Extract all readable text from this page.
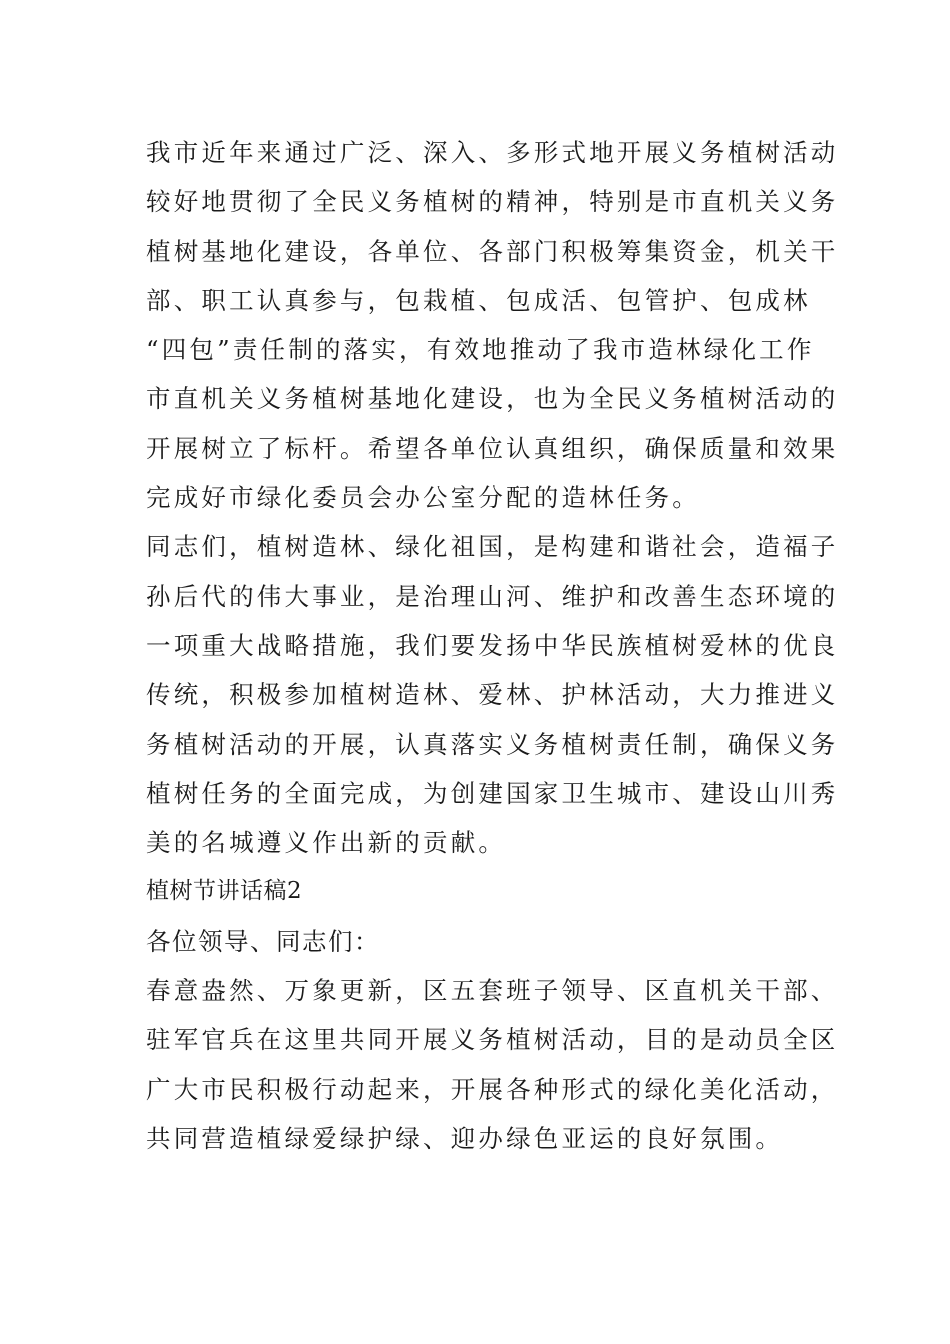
我市近年来通过广泛、深入、多形式地开展义务植树活动
较好地贯彻了全民义务植树的精神，特别是市直机关义务
植树基地化建设，各单位、各部门积极筹集资金，机关干
部、职工认真参与，包栽植、包成活、包管护、包成林
“四包”责任制的落实，有效地推动了我市造林绿化工作
市直机关义务植树基地化建设，也为全民义务植树活动的
开展树立了标杆。希望各单位认真组织，确保质量和效果
完成好市绿化委员会办公室分配的造林任务。
同志们，植树造林、绿化祖国，是构建和谐社会，造福子
孙后代的伟大事业，是治理山河、维护和改善生态环境的
一项重大战略措施，我们要发扬中华民族植树爱林的优良
传统，积极参加植树造林、爱林、护林活动，大力推进义
务植树活动的开展，认真落实义务植树责任制，确保义务
植树任务的全面完成，为创建国家卫生城市、建设山川秀
美的名城遵义作出新的贡献。
植树节讲话稿2
各位领导、同志们：
春意盎然、万象更新，区五套班子领导、区直机关干部、
驻军官兵在这里共同开展义务植树活动，目的是动员全区
广大市民积极行动起来，开展各种形式的绿化美化活动，
共同营造植绿爱绿护绿、迎办绿色亚运的良好氛围。
